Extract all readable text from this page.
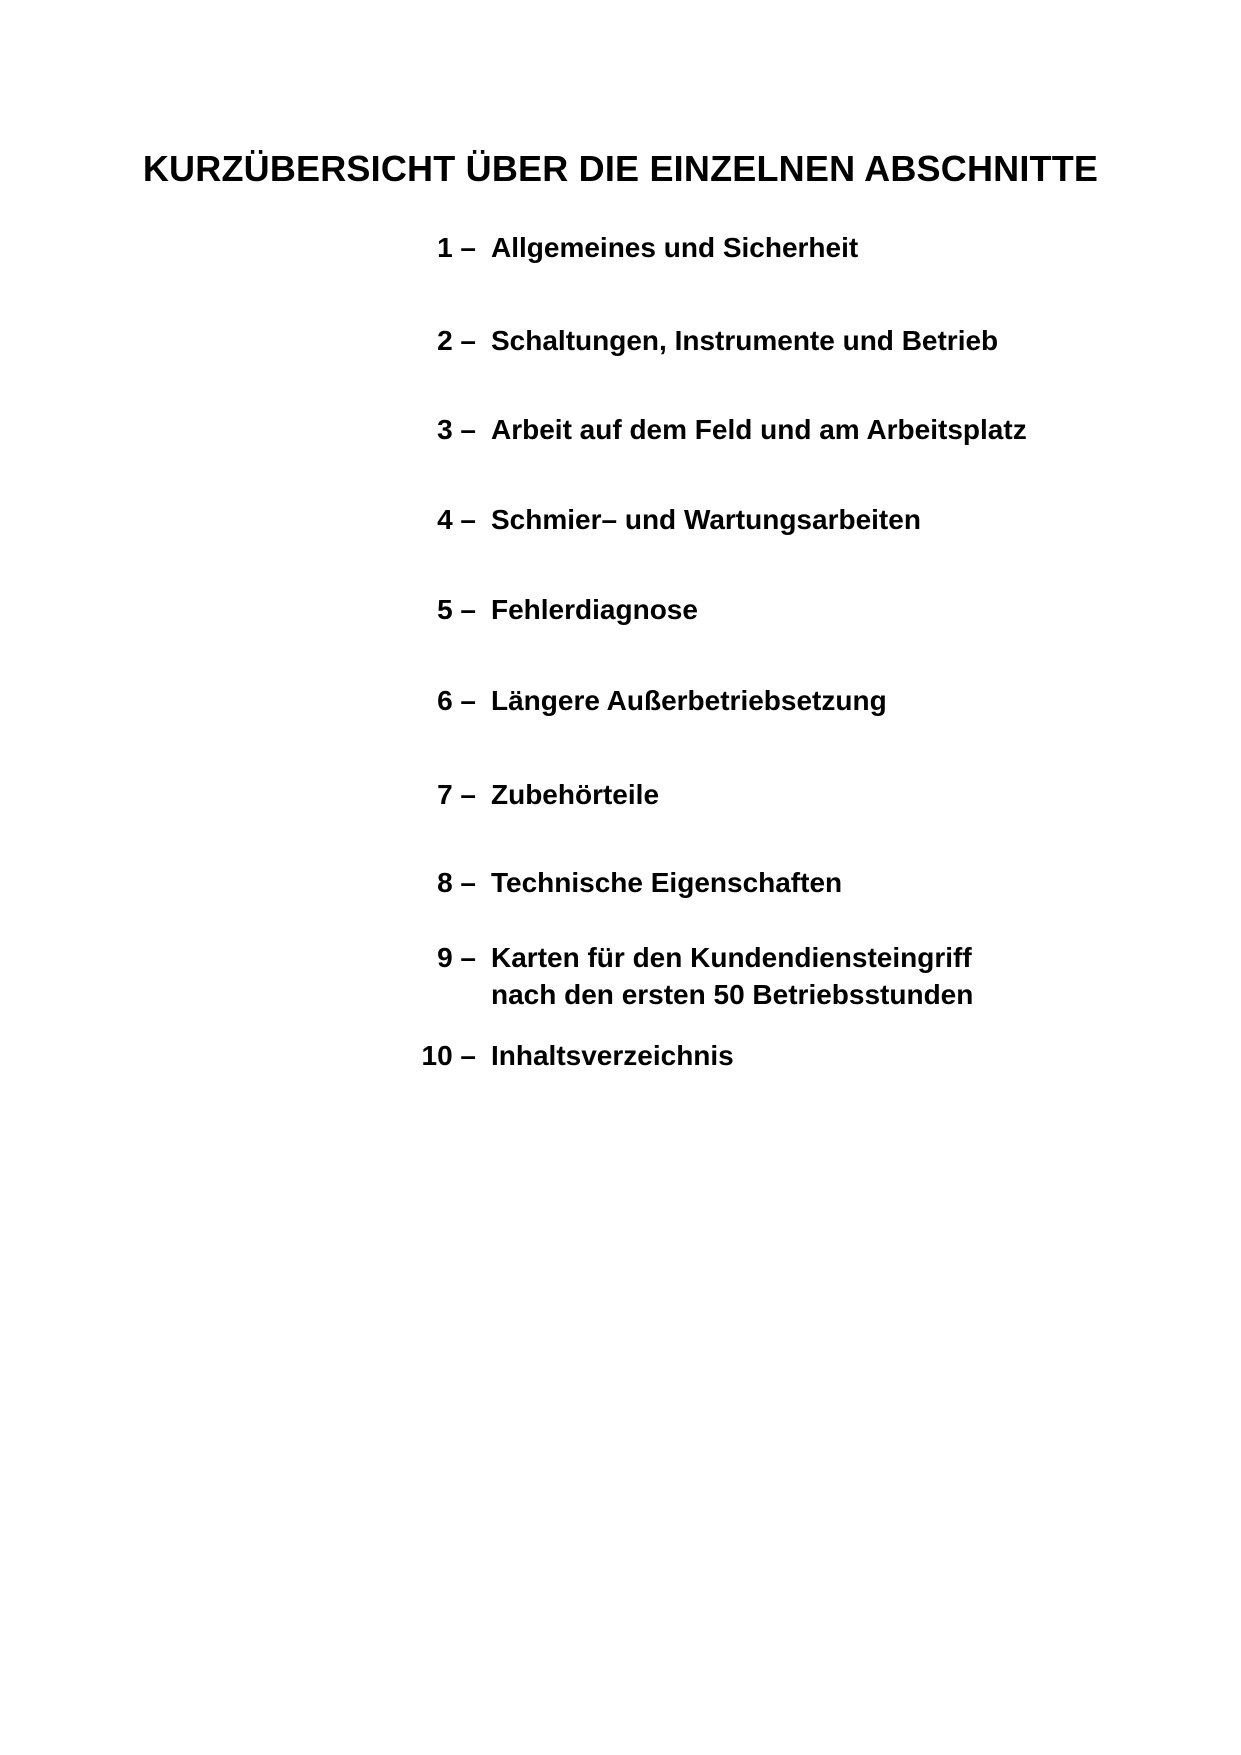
KURZÜBERSICHT ÜBER DIE EINZELNEN ABSCHNITTE
1 – Allgemeines und Sicherheit
2 – Schaltungen, Instrumente und Betrieb
3 – Arbeit auf dem Feld und am Arbeitsplatz
4 – Schmier– und Wartungsarbeiten
5 – Fehlerdiagnose
6 – Längere Außerbetriebsetzung
7 – Zubehörteile
8 – Technische Eigenschaften
9 – Karten für den Kundendiensteingriff
nach den ersten 50 Betriebsstunden
10 – Inhaltsverzeichnis
